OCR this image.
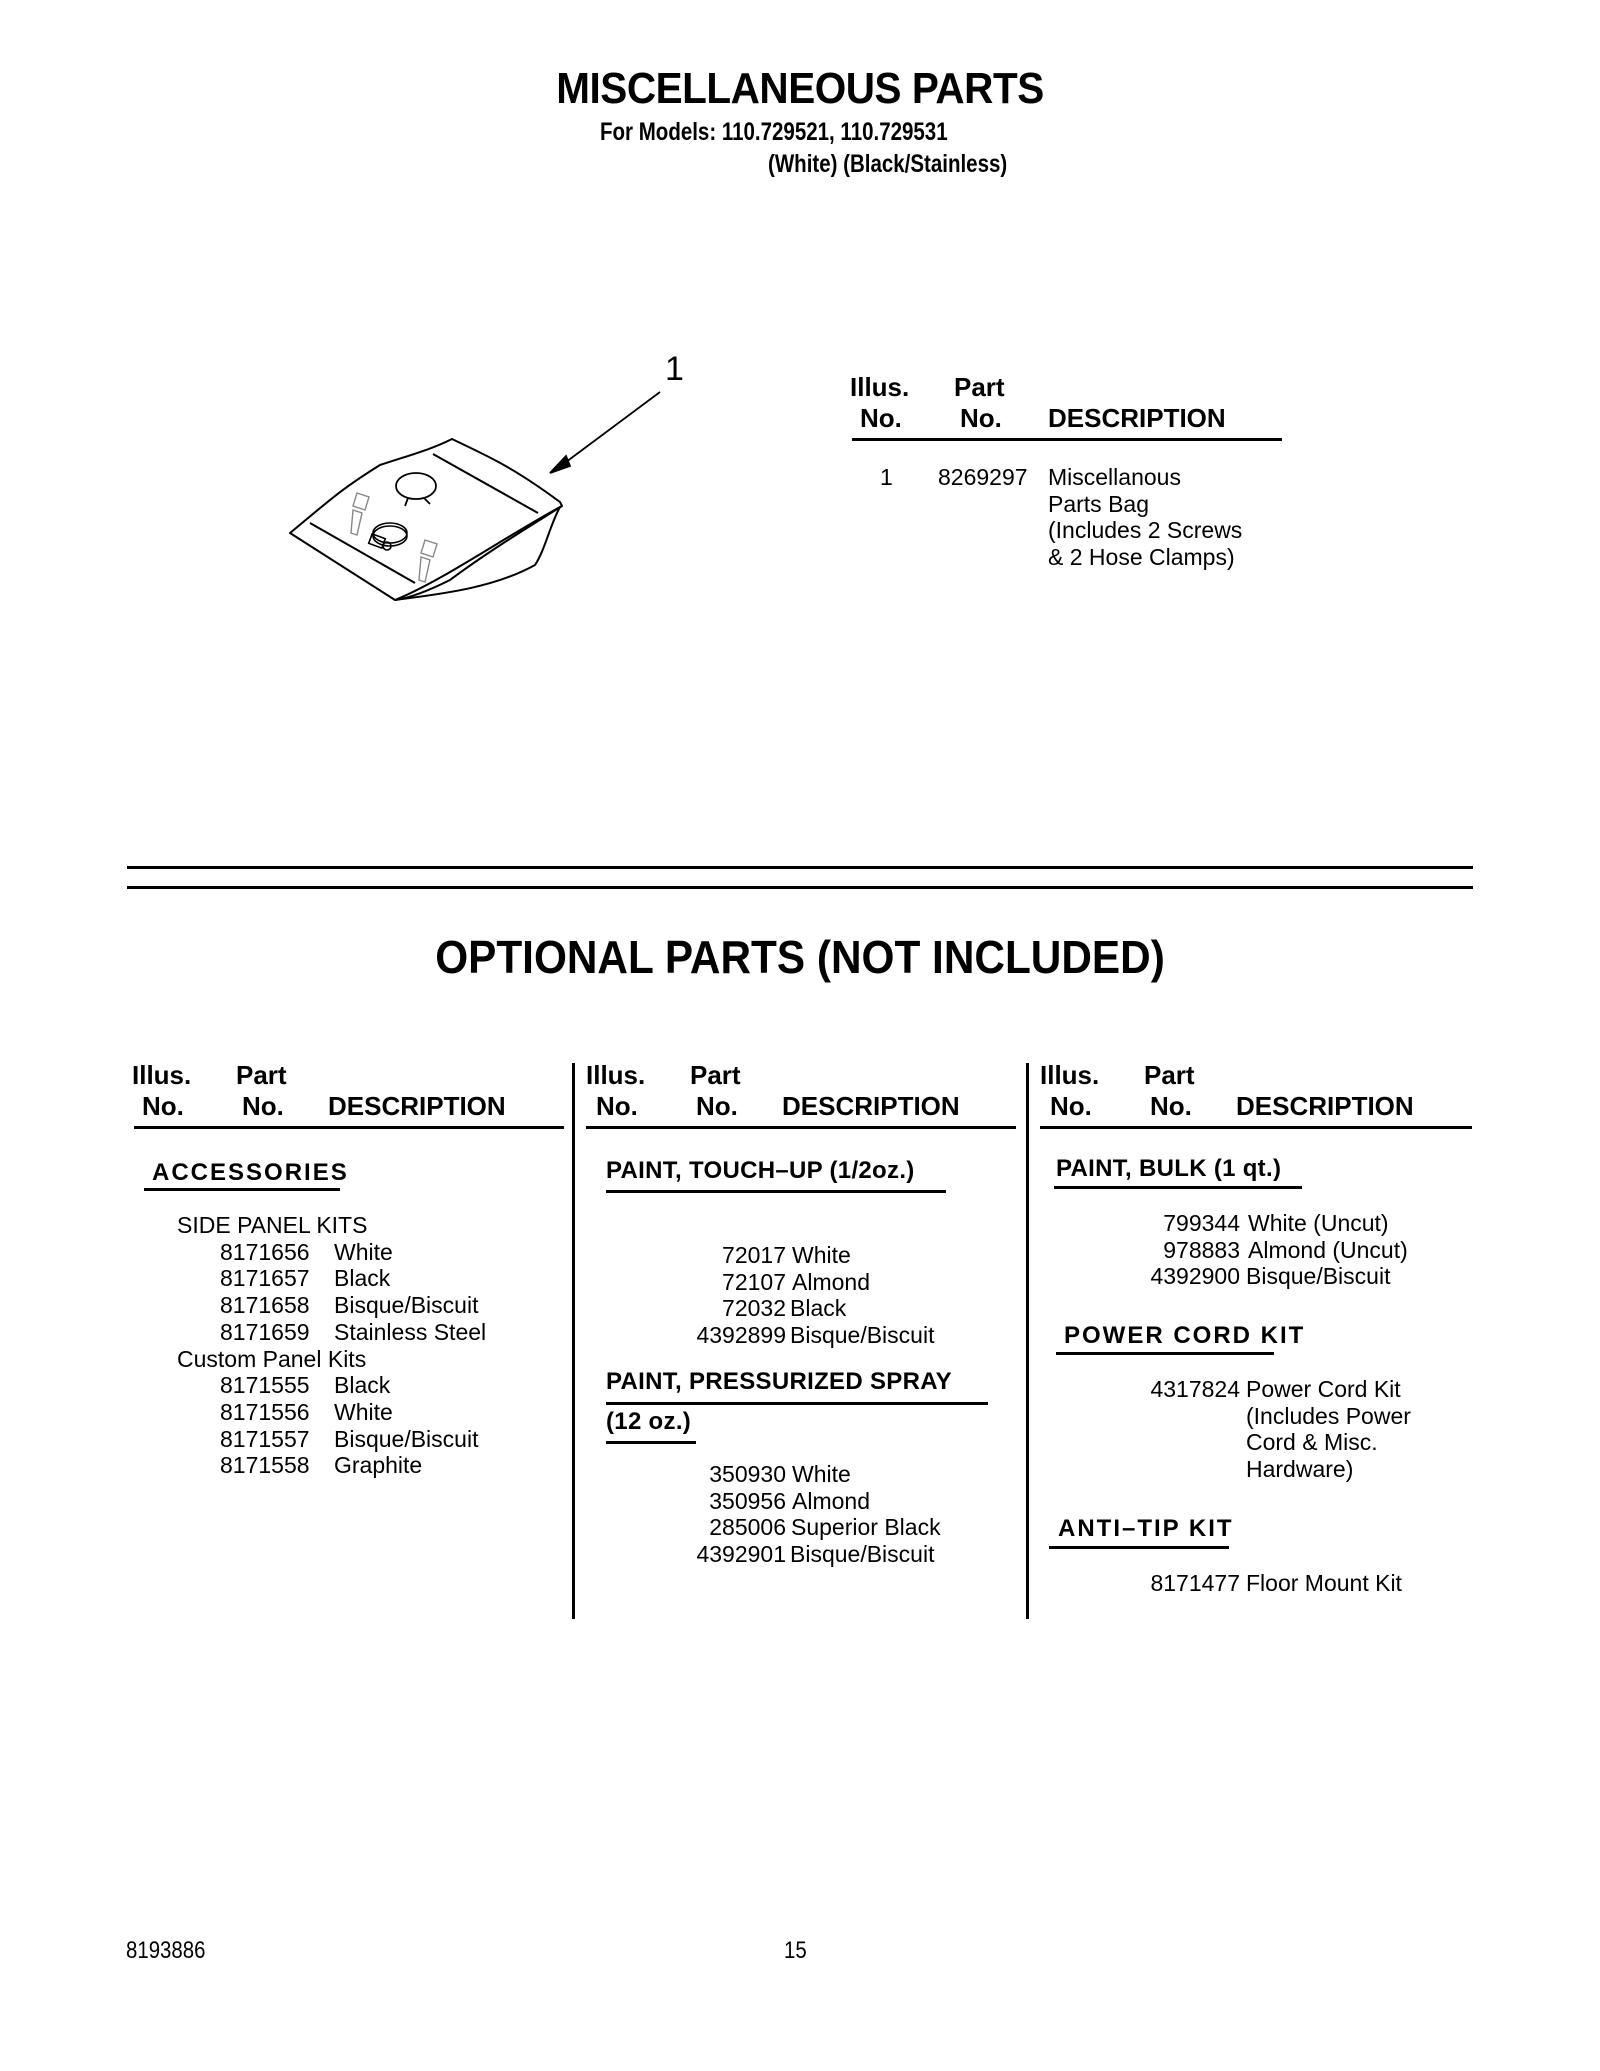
MISCELLANEOUS PARTS
For Models: 110.729521, 110.729531
(White) (Black/Stainless)
1	Illus.
No.
Part
No. DESCRIPTION
1 8269297 Miscellanous
Parts Bag
(Includes 2 Screws
& 2 Hose Clamps)
OPTIONAL PARTS (NOT INCLUDED)
Illus.
No.
Part
No. DESCRIPTION
ACCESSORIES
SIDE PANEL KITS
8171656 White
8171657 Black
8171658 Bisque/Biscuit
8171659 Stainless Steel
Custom Panel Kits
8171555 Black
8171556 White
8171557 Bisque/Biscuit
8171558 Graphite
Illus.
No.
Part
No. DESCRIPTION
PAINT, TOUCH–UP (1/2oz.)
72017 White
72107 Almond
72032 Black
4392899 Bisque/Biscuit
PAINT, PRESSURIZED SPRAY
(12 oz.)
350930 White
350956 Almond
285006 Superior Black
4392901 Bisque/Biscuit
Illus.
No.
Part
No. DESCRIPTION
PAINT, BULK (1 qt.)
799344 White (Uncut)
978883 Almond (Uncut)
4392900 Bisque/Biscuit
POWER CORD KIT
4317824 Power Cord Kit
(Includes Power
Cord & Misc.
Hardware)
ANTI–TIP KIT
8171477 Floor Mount Kit
8193886	15
